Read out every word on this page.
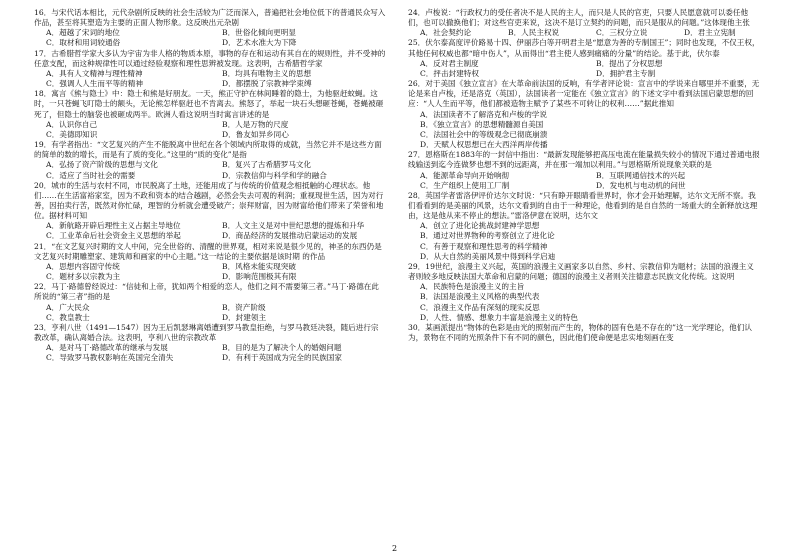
16．与宋代话本相比，元代杂剧所反映的社会生活较为广泛而深入，普遍把社会地位低下的普通民众写入作品，甚至将其塑造为主要的正面人物形象。这反映出元杂剧
A．超越了宋词的地位	B．世俗化倾向更明显
C．取材和用词较通俗	D．艺术水准大为下降
17．古希腊哲学家大多认为宇宙为非人格的物质本原，事物的存在和运动有其自在的规则性，并不受神的任意支配，而这种规律性可以通过经验观察和理性思辨被发现。这表明，古希腊哲学家
A．具有人文精神与理性精神	B．均具有唯物主义的思想
C．强调人人生而平等的精神	D．都摆脱了宗教神学束缚
18．寓言《熊与隐士》中：隐士和熊是好朋友。一天，熊正守护在林间睡着的隐士，为他驱赶蚊蝇。这时，一只苍蝇飞叮隐士的额头，无论熊怎样驱赶也不肯离去。熊怒了，举起一块石头想砸苍蝇，苍蝇被砸死了，但隐士的脑袋也被砸成两半。欧洲人看这说明当时寓言讲述的是
A．认识你自己	B．人是万物的尺度
C．美德即知识	D．鲁友如异乡同心
19．有学者指出：“文艺复兴的产生不能脱离中世纪在各个领域内所取得的成就，当然它并不是这些方面的简单的数的增长，而是有了质的变化。”这里的“质的变化”是指
A．弘扬了资产阶级的思想与文化	B．复兴了古希腊罗马文化
C．适应了当时社会的需要	D．宗教信仰与科学和学的融合
20．城市的生活与农村不同，市民脱离了土地，还能用成了与传统的价值观念相抵触的心理状态。他们……在生活富裕家室，因为不政和资本的结合越剧，必然会失去可观的利润；重视现世生活，因为对行善，因拍卖行苦，既然对你忙碌，理智的分析就会遭受破产；崇拜财富，因为财富给他们带来了荣誉和地位。据材料可知
A．新航路开辟后理性主义占据主导地位	B．人文主义是对中世纪思想的提炼和升华
C．工业革命后社会资金主义思想的举起	D．商品经济的发展推动启蒙运动的发展
21．“在文艺复兴时期的文人中间，完全世俗的、清醒的世界观，相对来说是很少见的，神圣的东西仍是文艺复兴时期雕塑家、建筑师和画家的中心主题。”这一结论的主要依据是该时期 的作品
A．思想内容固守传统	B．风格未能实现突破
C．题材多以宗教为主	D．影响范围极其有限
22．马丁·路德曾经说过：“信徒和上帝，犹如两个相爱的恋人，他们之间不需要第三者。”马丁·路德在此所说的“第三者”指的是
A．广大民众	B．资产阶级
C．教皇教士	D．封建领主
23．亨利八世（1491—1547）因为王后凯瑟琳离婚遭到罗马教皇拒绝，与罗马教廷决裂，随后进行宗教改革，确认离婚合法。这表明，亨利八世的宗教改革
A．是对马丁·路德改革的继承与发展	B．目的是为了解决个人的婚姻问题
C．导致罗马教权影响在英国完全清失	D．有利于英国成为完全的民族国家
24．卢梭说：“行政权力的受任者决不是人民的主人，而只是人民的官吏，只要人民愿意就可以委任他们，也可以撤换他们；对这些官吏来说，这决不是订立契约的问题，而只是服从的问题。”这体现他主张
A．社会契约论	B．人民主权说	C．三权分立说	D．君主立宪制
25．伏尔泰高度评价路易十四、伊丽莎白等开明君主是“愿意为善的专制国王”；同时也发现，不仅王权，其他任何权威也都“暗中伤人”，从而得出“君主使人感到痛痛的分量”的结论。基于此，伏尔泰
A．反对君主制度	B．提出了分权思想
C．抨击封建特权	D．拥护君主专制
26．对于美国《独立宣言》在大革命前法国的反响，有学者评论说：宣言中的学说来自哪里并不重要，无论是来自卢梭，还是洛克（英国），法国读者一定能在《独立宣言》的下述文字中看到法国启蒙思想的回应：“人人生而平等，他们都被造物主赋予了某些不可转让的权利……”据此推知
A．法国读者不了解洛克和卢梭的学说
B．《独立宣言》的思想精髓源自美国
C．法国社会中的等级观念已彻底崩溃
D．天赋人权思想已在大西洋两岸传播
27．恩格斯在1883年的一封信中指出：“最新发现能够把高压电流在能量损失较小的情况下通过普通电报线输送到迄今连做梦也想不到的远距离，并在那一端加以利用。”与恩格斯所说现象关联的是
A．能源革命导向开始响彻	B．互联网通信技术的兴起
C．生产组织上使用工厂制	D．发电机与电动机的问世
28．英国学者雷洛伊评价达尔文时说：“只有睁开眼睛看世界时，你才会开始理解，达尔文无所不察。我们看看到的是美丽的风景，达尔文看到的自由于一种理论，他看到的是自自然的一场重大的全新释放这理由，这是他从来不停止的想法。”雷洛伊意在说明，达尔文
A．创立了进化论挑战封建神学思想
B．通过对世界物种的考察创立了进化论
C．有善于观察和理性思考的科学精神
D．从大自然的美丽风景中得到科学启迪
29．19世纪，浪漫主义兴起，英国的浪漫主义画家多以自然、乡村、宗教信仰为题材；法国的浪漫主义者则较多地反映法国大革命和启蒙的问题；德国的浪漫主义者则关注德意志民族文化传统。这说明
A．民族特色是浪漫主义的主旨
B．法国是浪漫主义风格的典型代表
C．浪漫主义作品有深刻的现实反思
D．人性、情感、想象力丰富是浪漫主义的特色
30．某画派提出“物体的色彩是由光的照射而产生的，物体的固有色是不存在的”这一光学理论，他们认为，景物在不同的光照条件下有不同的颜色，因此他们使命便是忠实地刻画在变
2
